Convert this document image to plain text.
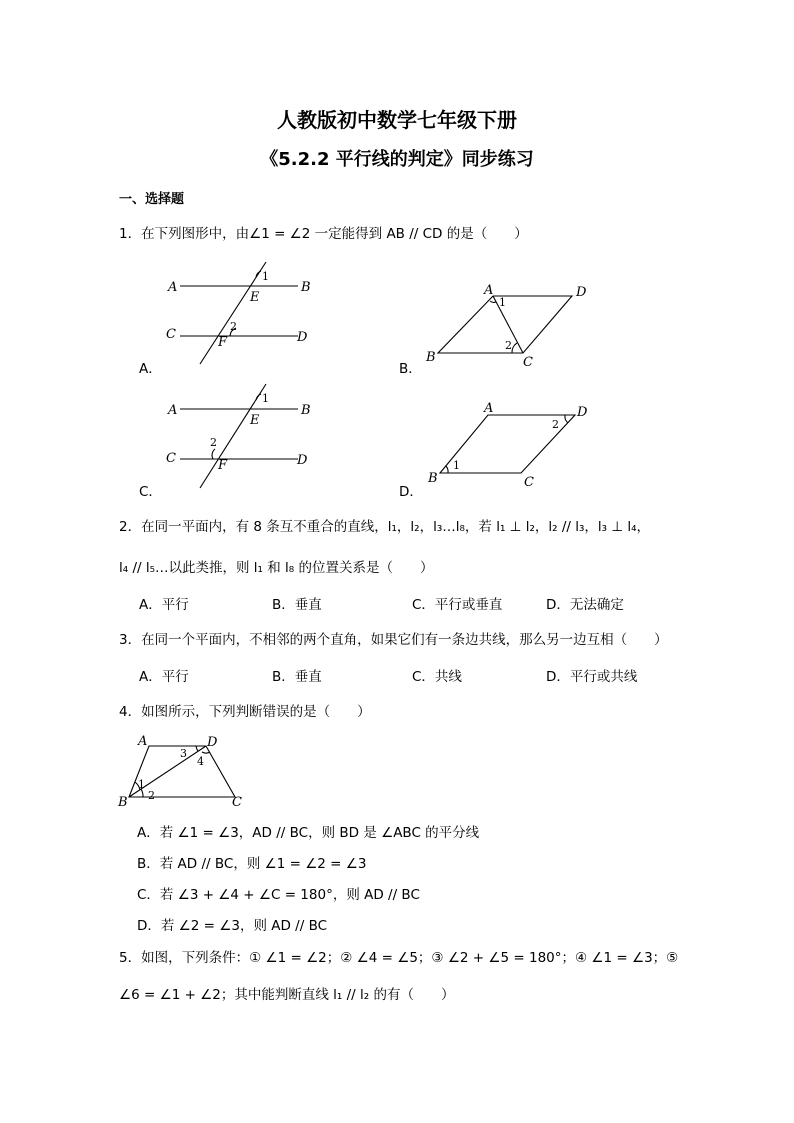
人教版初中数学七年级下册
《5.2.2 平行线的判定》同步练习
一、选择题
1．在下列图形中，由∠1 = ∠2 一定能得到 AB // CD 的是（　　）
A．	B．
C．	D．
A	B
C	D
E
F
1
2
A	D
B	C
1
2
A	B
C	D
E
F
1
2
A	D
B	C
1
2
A	D
B	C
1
2
3
4
2．在同一平面内，有 8 条互不重合的直线，l₁，l₂，l₃…l₈，若 l₁ ⊥ l₂，l₂ // l₃，l₃ ⊥ l₄，
l₄ // l₅…以此类推，则 l₁ 和 l₈ 的位置关系是（　　）
A．平行	B．垂直	C．平行或垂直	D．无法确定
3．在同一个平面内，不相邻的两个直角，如果它们有一条边共线，那么另一边互相（　　）
A．平行	B．垂直	C．共线	D．平行或共线
4．如图所示，下列判断错误的是（　　）
A．若 ∠1 = ∠3，AD // BC，则 BD 是 ∠ABC 的平分线
B．若 AD // BC，则 ∠1 = ∠2 = ∠3
C．若 ∠3 + ∠4 + ∠C = 180°，则 AD // BC
D．若 ∠2 = ∠3，则 AD // BC
5．如图，下列条件：① ∠1 = ∠2；② ∠4 = ∠5；③ ∠2 + ∠5 = 180°；④ ∠1 = ∠3；⑤
∠6 = ∠1 + ∠2；其中能判断直线 l₁ // l₂ 的有（　　）
